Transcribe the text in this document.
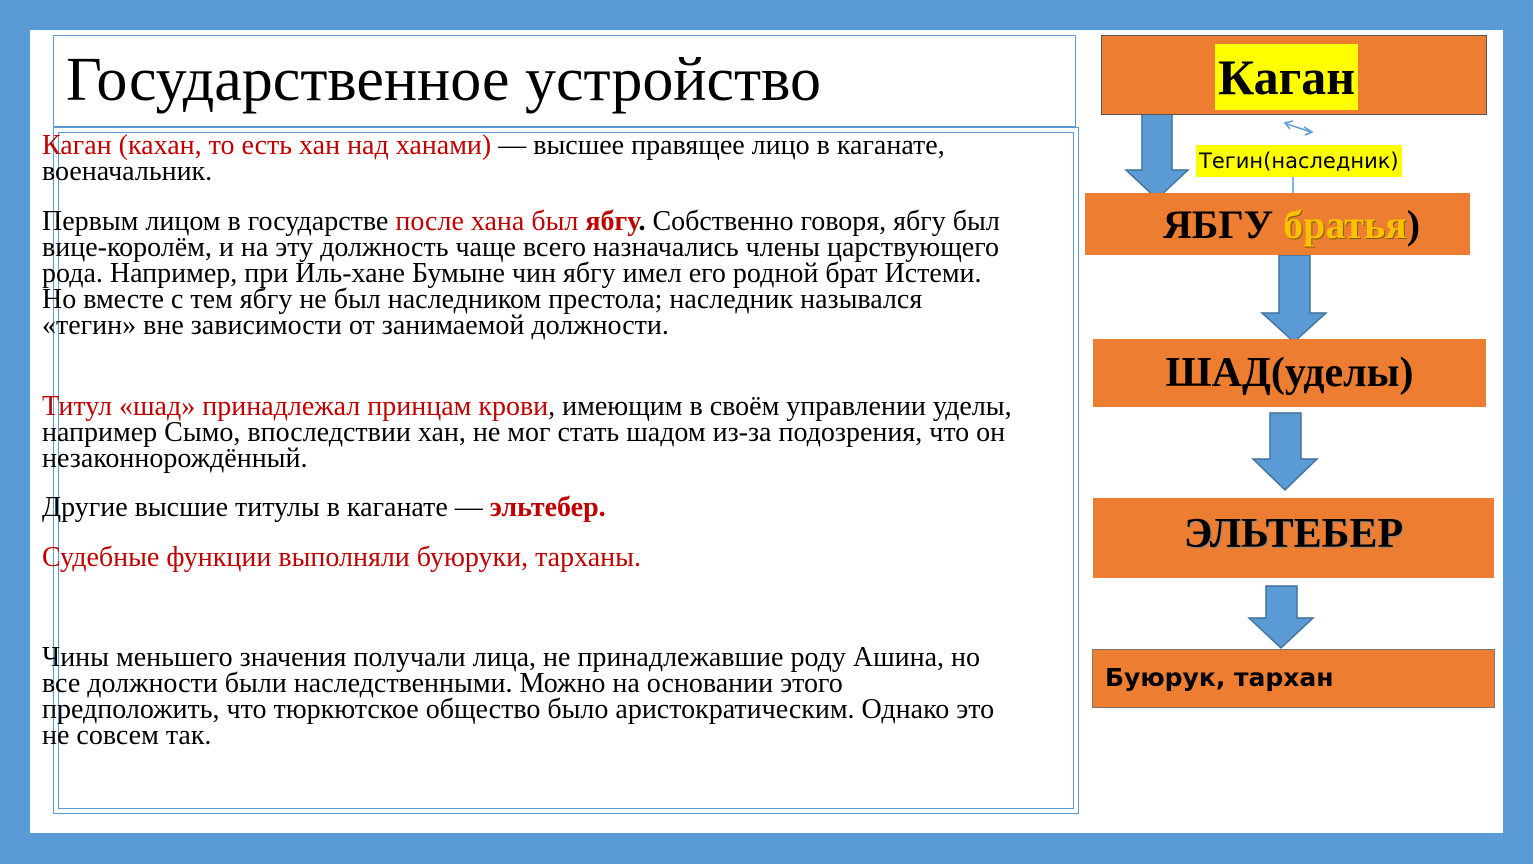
Государственное устройство
• Каган (кахан, то есть хан над ханами) — высшее правящее лицо в каганате, военачальник.
• Первым лицом в государстве после хана был ябгу. Собственно говоря, ябгу был вице-королём, и на эту должность чаще всего назначались члены царствующего рода. Например, при Иль-хане Бумыне чин ябгу имел его родной брат Истеми. Но вместе с тем ябгу не был наследником престола; наследник назывался «тегин» вне зависимости от занимаемой должности.
• Титул «шад» принадлежал принцам крови, имеющим в своём управлении уделы, например Сымо, впоследствии хан, не мог стать шадом из-за подозрения, что он незаконнорождённый.
• Другие высшие титулы в каганате — эльтебер.
• Судебные функции выполняли буюруки, тарханы.
• Чины меньшего значения получали лица, не принадлежавшие роду Ашина, но все должности были наследственными. Можно на основании этого предположить, что тюркютское общество было аристократическим. Однако это не совсем так.
Каган
Тегин(наследник)
ЯБГУ братья)
ШАД(уделы)
ЭЛЬТЕБЕР
Буюрук, тархан
